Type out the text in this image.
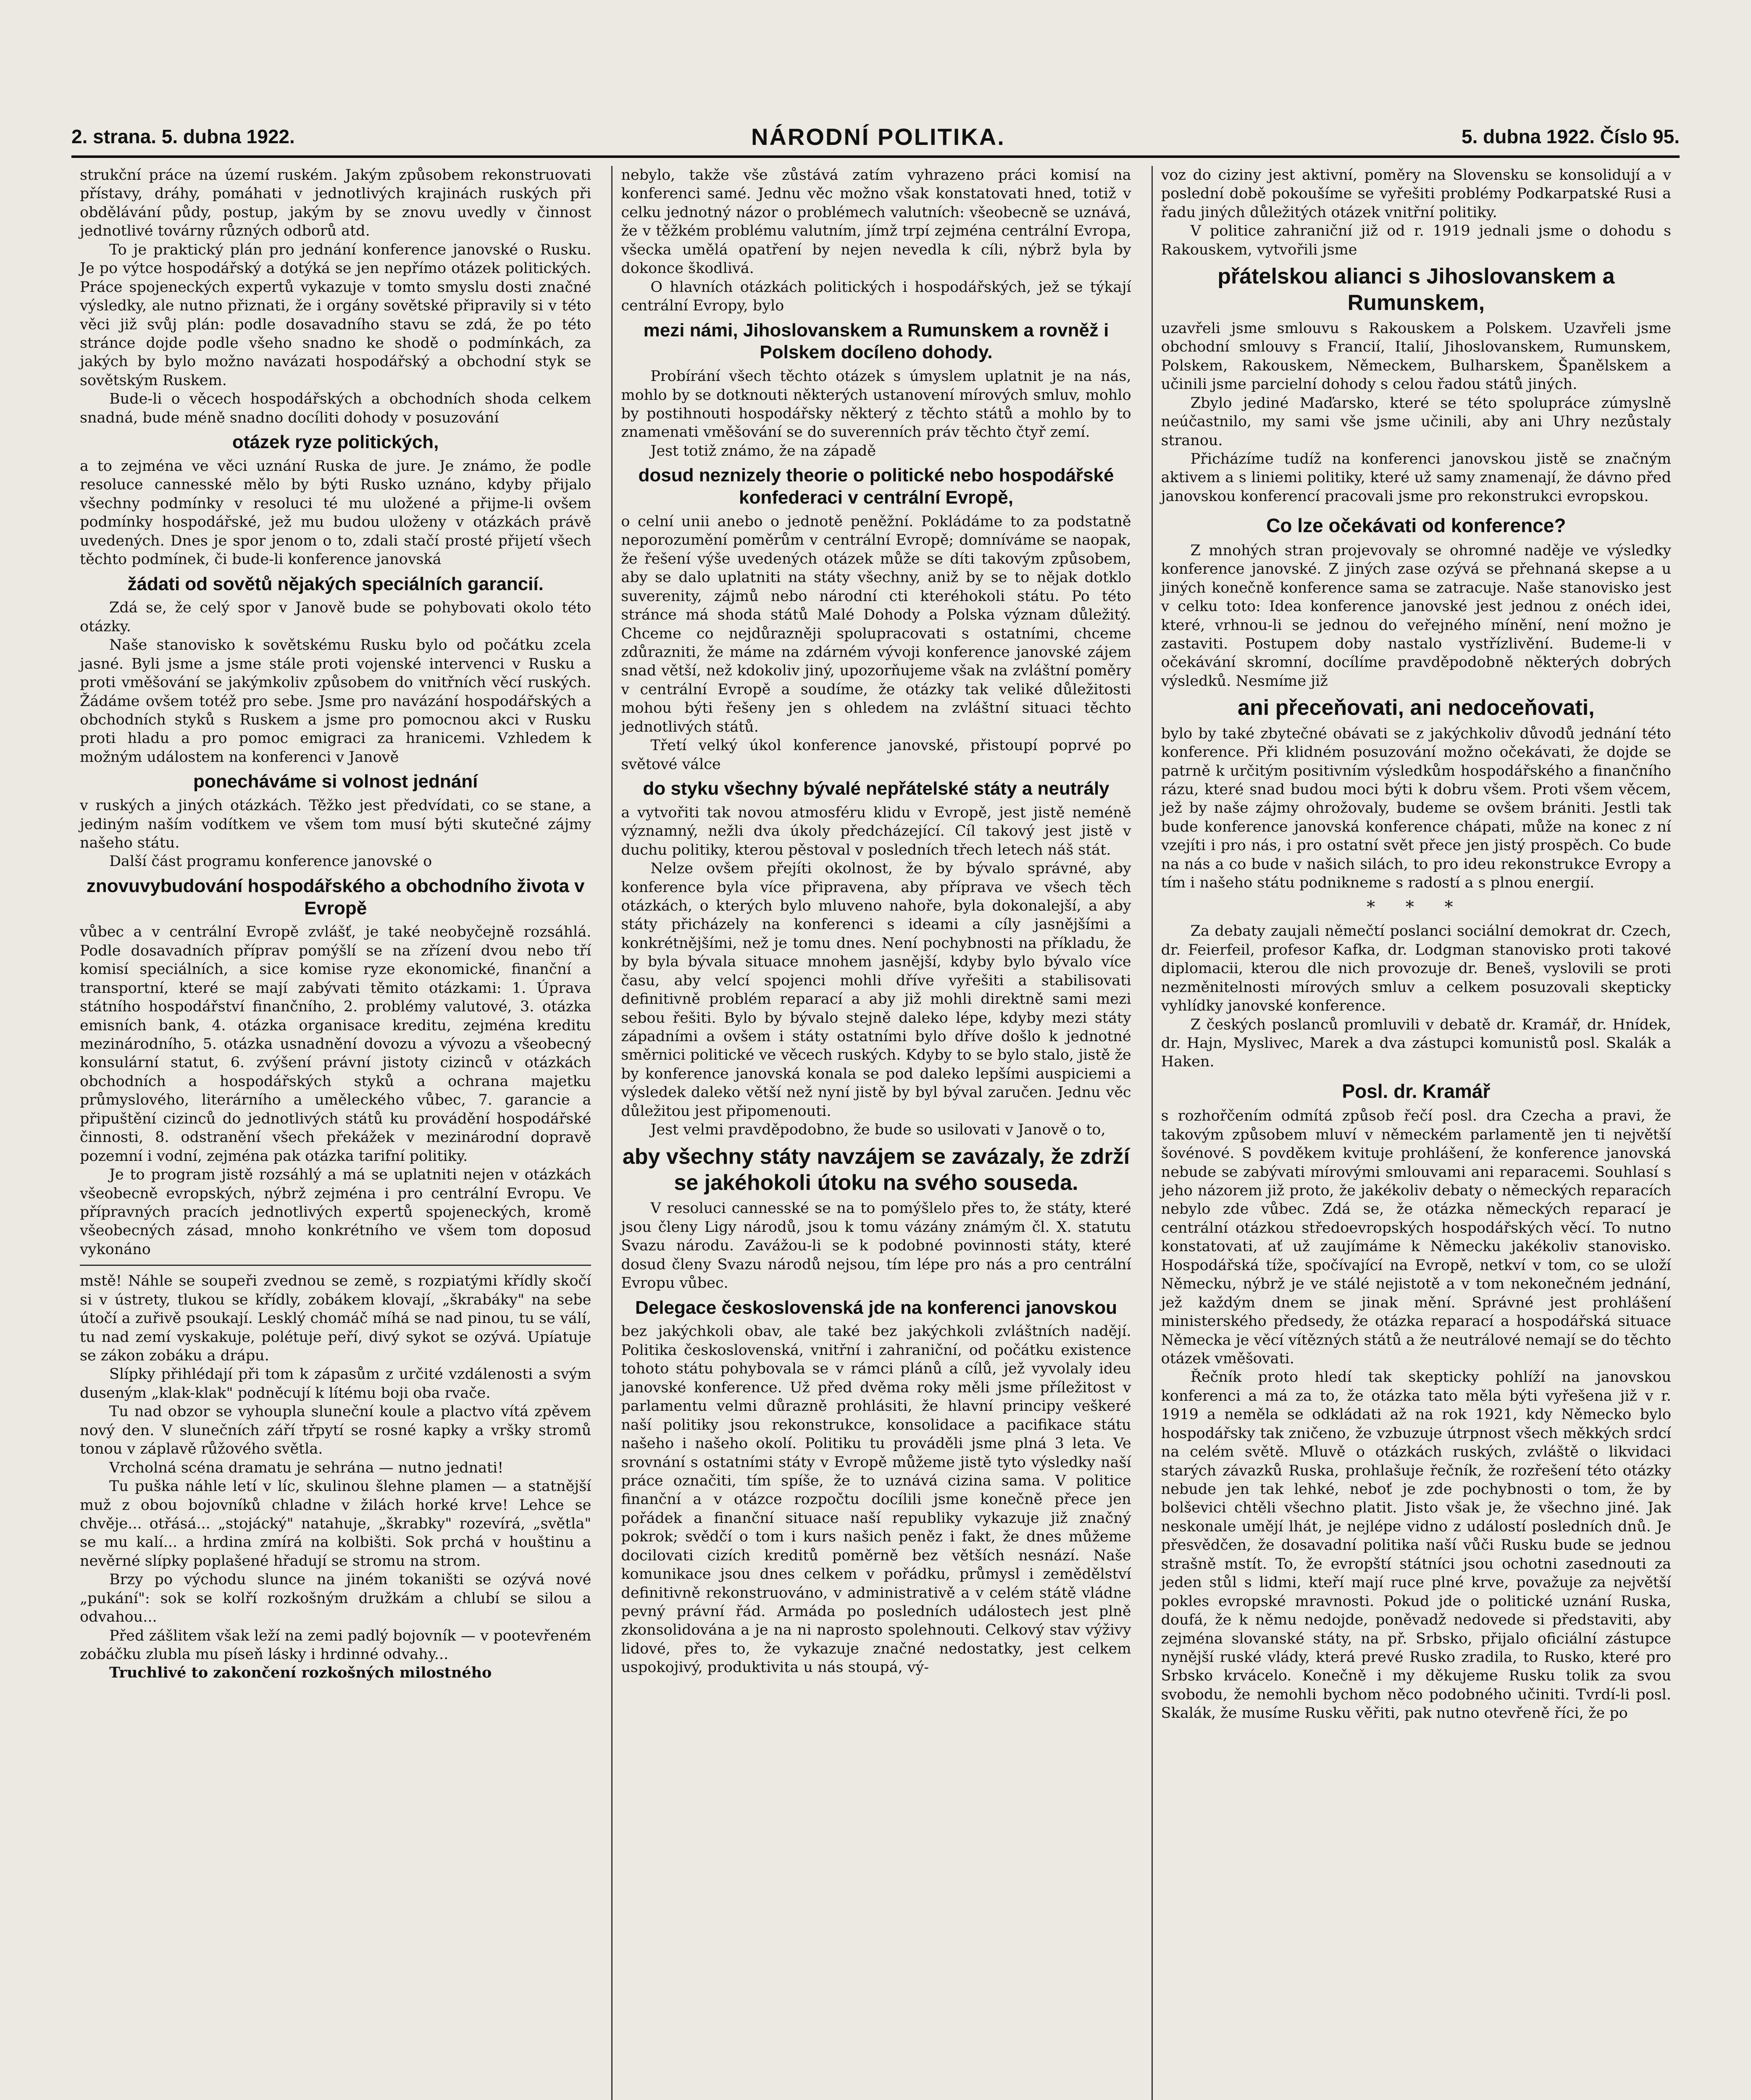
2. strana. 5. dubna 1922.	NÁRODNÍ POLITIKA.	5. dubna 1922. Číslo 95.

strukční práce na území ruském. Jakým způsobem rekonstruovati přístavy, dráhy, pomáhati v jednotlivých krajinách ruských při obdělávání půdy, postup, jakým by se znovu uvedly v činnost jednotlivé továrny různých odborů atd.

To je praktický plán pro jednání konference janovské o Rusku. Je po výtce hospodářský a dotýká se jen nepřímo otázek politických. Práce spojeneckých expertů vykazuje v tomto smyslu dosti značné výsledky, ale nutno přiznati, že i orgány sovětské připravily si v této věci již svůj plán: podle dosavadního stavu se zdá, že po této stránce dojde podle všeho snadno ke shodě o podmínkách, za jakých by bylo možno navázati hospodářský a obchodní styk se sovětským Ruskem.

Bude-li o věcech hospodářských a obchodních shoda celkem snadná, bude méně snadno docíliti dohody v posuzování

otázek ryze politických,

a to zejména ve věci uznání Ruska de jure. Je známo, že podle resoluce cannesské mělo by býti Rusko uznáno, kdyby přijalo všechny podmínky v resoluci té mu uložené a přijme-li ovšem podmínky hospodářské, jež mu budou uloženy v otázkách právě uvedených. Dnes je spor jenom o to, zdali stačí prosté přijetí všech těchto podmínek, či bude-li konference janovská

žádati od sovětů nějakých speciálních garancií.

Zdá se, že celý spor v Janově bude se pohybovati okolo této otázky.

Naše stanovisko k sovětskému Rusku bylo od počátku zcela jasné. Byli jsme a jsme stále proti vojenské intervenci v Rusku a proti vměšování se jakýmkoliv způsobem do vnitřních věcí ruských. Žádáme ovšem totéž pro sebe. Jsme pro navázání hospodářských a obchodních styků s Ruskem a jsme pro pomocnou akci v Rusku proti hladu a pro pomoc emigraci za hranicemi. Vzhledem k možným událostem na konferenci v Janově

ponecháváme si volnost jednání

v ruských a jiných otázkách. Těžko jest předvídati, co se stane, a jediným naším vodítkem ve všem tom musí býti skutečné zájmy našeho státu.

Další část programu konference janovské o

znovuvybudování hospodářského a obchodního života v Evropě

vůbec a v centrální Evropě zvlášť, je také neobyčejně rozsáhlá. Podle dosavadních příprav pomýšlí se na zřízení dvou nebo tří komisí speciálních, a sice komise ryze ekonomické, finanční a transportní, které se mají zabývati těmito otázkami: 1. Úprava státního hospodářství finančního, 2. problémy valutové, 3. otázka emisních bank, 4. otázka organisace kreditu, zejména kreditu mezinárodního, 5. otázka usnadnění dovozu a vývozu a všeobecný konsulární statut, 6. zvýšení právní jistoty cizinců v otázkách obchodních a hospodářských styků a ochrana majetku průmyslového, literárního a uměleckého vůbec, 7. garancie a připuštění cizinců do jednotlivých států ku provádění hospodářské činnosti, 8. odstranění všech překážek v mezinárodní dopravě pozemní i vodní, zejména pak otázka tarifní politiky.

Je to program jistě rozsáhlý a má se uplatniti nejen v otázkách všeobecně evropských, nýbrž zejména i pro centrální Evropu. Ve přípravných pracích jednotlivých expertů spojeneckých, kromě všeobecných zásad, mnoho konkrétního ve všem tom doposud vykonáno

mstě! Náhle se soupeři zvednou se země, s rozpiatými křídly skočí si v ústrety, tlukou se křídly, zobákem klovají, „škrabáky" na sebe útočí a zuřivě psoukají. Lesklý chomáč míhá se nad pinou, tu se válí, tu nad zemí vyskakuje, polétuje peří, divý sykot se ozývá. Upíatuje se zákon zobáku a drápu.

Slípky přihlédají při tom k zápasům z určité vzdálenosti a svým duseným „klak-klak" podněcují k lítému boji oba rvače.

Tu nad obzor se vyhoupla sluneční koule a plactvo vítá zpěvem nový den. V slunečních září třpytí se rosné kapky a vršky stromů tonou v záplavě růžového světla.

Vrcholná scéna dramatu je sehrána — nutno jednati!

Tu puška náhle letí v líc, skulinou šlehne plamen — a statnější muž z obou bojovníků chladne v žilách horké krve! Lehce se chvěje... otřásá... „stojácký" natahuje, „škrabky" rozevírá, „světla" se mu kalí... a hrdina zmírá na kolbišti. Sok prchá v houštinu a nevěrné slípky poplašené hřadují se stromu na strom.

Brzy po východu slunce na jiném tokaništi se ozývá nové „pukání": sok se kolří rozkošným družkám a chlubí se silou a odvahou...

Před zášlitem však leží na zemi padlý bojovník — v pootevřeném zobáčku zlubla mu píseň lásky i hrdinné odvahy...

Truchlivé to zakončení rozkošných milostného

nebylo, takže vše zůstává zatím vyhrazeno práci komisí na konferenci samé. Jednu věc možno však konstatovati hned, totiž v celku jednotný názor o problémech valutních: všeobecně se uznává, že v těžkém problému valutním, jímž trpí zejména centrální Evropa, všecka umělá opatření by nejen nevedla k cíli, nýbrž byla by dokonce škodlivá.

O hlavních otázkách politických i hospodářských, jež se týkají centrální Evropy, bylo

mezi námi, Jihoslovanskem a Rumunskem a rovněž i Polskem docíleno dohody.

Probírání všech těchto otázek s úmyslem uplatnit je na nás, mohlo by se dotknouti některých ustanovení mírových smluv, mohlo by postihnouti hospodářsky některý z těchto států a mohlo by to znamenati vměšování se do suverenních práv těchto čtyř zemí.

Jest totiž známo, že na západě

dosud neznizely theorie o politické nebo hospodářské konfederaci v centrální Evropě,

o celní unii anebo o jednotě peněžní. Pokládáme to za podstatně neporozumění poměrům v centrální Evropě; domníváme se naopak, že řešení výše uvedených otázek může se díti takovým způsobem, aby se dalo uplatniti na státy všechny, aniž by se to nějak dotklo suverenity, zájmů nebo národní cti kteréhokoli státu. Po této stránce má shoda států Malé Dohody a Polska význam důležitý. Chceme co nejdůrazněji spolupracovati s ostatními, chceme zdůrazniti, že máme na zdárném vývoji konference janovské zájem snad větší, než kdokoliv jiný, upozorňujeme však na zvláštní poměry v centrální Evropě a soudíme, že otázky tak veliké důležitosti mohou býti řešeny jen s ohledem na zvláštní situaci těchto jednotlivých států.

Třetí velký úkol konference janovské, přistoupí poprvé po světové válce

do styku všechny bývalé nepřátelské státy a neutrály

a vytvořiti tak novou atmosféru klidu v Evropě, jest jistě neméně významný, nežli dva úkoly předcházející. Cíl takový jest jistě v duchu politiky, kterou pěstoval v posledních třech letech náš stát.

Nelze ovšem přejíti okolnost, že by bývalo správné, aby konference byla více připravena, aby příprava ve všech těch otázkách, o kterých bylo mluveno nahoře, byla dokonalejší, a aby státy přicházely na konferenci s ideami a cíly jasnějšími a konkrétnějšími, než je tomu dnes. Není pochybnosti na příkladu, že by byla bývala situace mnohem jasnější, kdyby bylo bývalo více času, aby velcí spojenci mohli dříve vyřešiti a stabilisovati definitivně problém reparací a aby již mohli direktně sami mezi sebou řešiti. Bylo by bývalo stejně daleko lépe, kdyby mezi státy západními a ovšem i státy ostatními bylo dříve došlo k jednotné směrnici politické ve věcech ruských. Kdyby to se bylo stalo, jistě že by konference janovská konala se pod daleko lepšími auspiciemi a výsledek daleko větší než nyní jistě by byl býval zaručen. Jednu věc důležitou jest připomenouti.

Jest velmi pravděpodobno, že bude so usilovati v Janově o to,

aby všechny státy navzájem se zavázaly, že zdrží se jakéhokoli útoku na svého souseda.

V resoluci cannesské se na to pomýšlelo přes to, že státy, které jsou členy Ligy národů, jsou k tomu vázány známým čl. X. statutu Svazu národu. Zavážou-li se k podobné povinnosti státy, které dosud členy Svazu národů nejsou, tím lépe pro nás a pro centrální Evropu vůbec.

Delegace československá jde na konferenci janovskou

bez jakýchkoli obav, ale také bez jakýchkoli zvláštních nadějí. Politika československá, vnitřní i zahraniční, od počátku existence tohoto státu pohybovala se v rámci plánů a cílů, jež vyvolaly ideu janovské konference. Už před dvěma roky měli jsme příležitost v parlamentu velmi důrazně prohlásiti, že hlavní principy veškeré naší politiky jsou rekonstrukce, konsolidace a pacifikace státu našeho i našeho okolí. Politiku tu prováděli jsme plná 3 leta. Ve srovnání s ostatními státy v Evropě můžeme jistě tyto výsledky naší práce označiti, tím spíše, že to uznává cizina sama. V politice finanční a v otázce rozpočtu docílili jsme konečně přece jen pořádek a finanční situace naší republiky vykazuje již značný pokrok; svědčí o tom i kurs našich peněz i fakt, že dnes můžeme docilovati cizích kreditů poměrně bez větších nesnází. Naše komunikace jsou dnes celkem v pořádku, průmysl i zemědělství definitivně rekonstruováno, v administrativě a v celém státě vládne pevný právní řád. Armáda po posledních událostech jest plně zkonsolidována a je na ni naprosto spolehnouti. Celkový stav výživy lidové, přes to, že vykazuje značné nedostatky, jest celkem uspokojivý, produktivita u nás stoupá, vý-

voz do ciziny jest aktivní, poměry na Slovensku se konsolidují a v poslední době pokoušíme se vyřešiti problémy Podkarpatské Rusi a řadu jiných důležitých otázek vnitřní politiky.

V politice zahraniční již od r. 1919 jednali jsme o dohodu s Rakouskem, vytvořili jsme

přátelskou alianci s Jihoslovanskem a Rumunskem,

uzavřeli jsme smlouvu s Rakouskem a Polskem. Uzavřeli jsme obchodní smlouvy s Francií, Italií, Jihoslovanskem, Rumunskem, Polskem, Rakouskem, Německem, Bulharskem, Španělskem a učinili jsme parcielní dohody s celou řadou států jiných.

Zbylo jediné Maďarsko, které se této spolupráce zúmyslně neúčastnilo, my sami vše jsme učinili, aby ani Uhry nezůstaly stranou.

Přicházíme tudíž na konferenci janovskou jistě se značným aktivem a s liniemi politiky, které už samy znamenají, že dávno před janovskou konferencí pracovali jsme pro rekonstrukci evropskou.

Co lze očekávati od konference?

Z mnohých stran projevovaly se ohromné naděje ve výsledky konference janovské. Z jiných zase ozývá se přehnaná skepse a u jiných konečně konference sama se zatracuje. Naše stanovisko jest v celku toto: Idea konference janovské jest jednou z onéch idei, které, vrhnou-li se jednou do veřejného mínění, není možno je zastaviti. Postupem doby nastalo vystřízlivění. Budeme-li v očekávání skromní, docílíme pravděpodobně některých dobrých výsledků. Nesmíme již

ani přeceňovati, ani nedoceňovati,

bylo by také zbytečné obávati se z jakýchkoliv důvodů jednání této konference. Při klidném posuzování možno očekávati, že dojde se patrně k určitým positivním výsledkům hospodářského a finančního rázu, které snad budou moci býti k dobru všem. Proti všem věcem, jež by naše zájmy ohrožovaly, budeme se ovšem brániti. Jestli tak bude konference janovská konference chápati, může na konec z ní vzejíti i pro nás, i pro ostatní svět přece jen jistý prospěch. Co bude na nás a co bude v našich silách, to pro ideu rekonstrukce Evropy a tím i našeho státu podnikneme s radostí a s plnou energií.

* * *

Za debaty zaujali němečtí poslanci sociální demokrat dr. Czech, dr. Feierfeil, profesor Kafka, dr. Lodgman stanovisko proti takové diplomacii, kterou dle nich provozuje dr. Beneš, vyslovili se proti nezměnitelnosti mírových smluv a celkem posuzovali skepticky vyhlídky janovské konference.

Z českých poslanců promluvili v debatě dr. Kramář, dr. Hnídek, dr. Hajn, Myslivec, Marek a dva zástupci komunistů posl. Skalák a Haken.

Posl. dr. Kramář

s rozhořčením odmítá způsob řečí posl. dra Czecha a pravi, že takovým způsobem mluví v německém parlamentě jen ti největší šovénové. S povděkem kvituje prohlášení, že konference janovská nebude se zabývati mírovými smlouvami ani reparacemi. Souhlasí s jeho názorem již proto, že jakékoliv debaty o německých reparacích nebylo zde vůbec. Zdá se, že otázka německých reparací je centrální otázkou středoevropských hospodářských věcí. To nutno konstatovati, ať už zaujímáme k Německu jakékoliv stanovisko. Hospodářská tíže, spočívající na Evropě, netkví v tom, co se uloží Německu, nýbrž je ve stálé nejistotě a v tom nekonečném jednání, jež každým dnem se jinak mění. Správné jest prohlášení ministerského předsedy, že otázka reparací a hospodářská situace Německa je věcí vítězných států a že neutrálové nemají se do těchto otázek vměšovati.

Řečník proto hledí tak skepticky pohlíží na janovskou konferenci a má za to, že otázka tato měla býti vyřešena již v r. 1919 a neměla se odkládati až na rok 1921, kdy Německo bylo hospodářsky tak zničeno, že vzbuzuje útrpnost všech měkkých srdcí na celém světě. Mluvě o otázkách ruských, zvláště o likvidaci starých závazků Ruska, prohlašuje řečník, že rozřešení této otázky nebude jen tak lehké, neboť je zde pochybnosti o tom, že by bolševici chtěli všechno platit. Jisto však je, že všechno jiné. Jak neskonale umějí lhát, je nejlépe vidno z událostí posledních dnů. Je přesvědčen, že dosavadní politika naší vůči Rusku bude se jednou strašně mstít. To, že evropští státníci jsou ochotni zasednouti za jeden stůl s lidmi, kteří mají ruce plné krve, považuje za největší pokles evropské mravnosti. Pokud jde o politické uznání Ruska, doufá, že k němu nedojde, poněvadž nedovede si představiti, aby zejména slovanské státy, na př. Srbsko, přijalo oficiální zástupce nynější ruské vlády, která prevé Rusko zradila, to Rusko, které pro Srbsko krvácelo. Konečně i my děkujeme Rusku tolik za svou svobodu, že nemohli bychom něco podobného učiniti. Tvrdí-li posl. Skalák, že musíme Rusku věřiti, pak nutno otevřeně říci, že po
